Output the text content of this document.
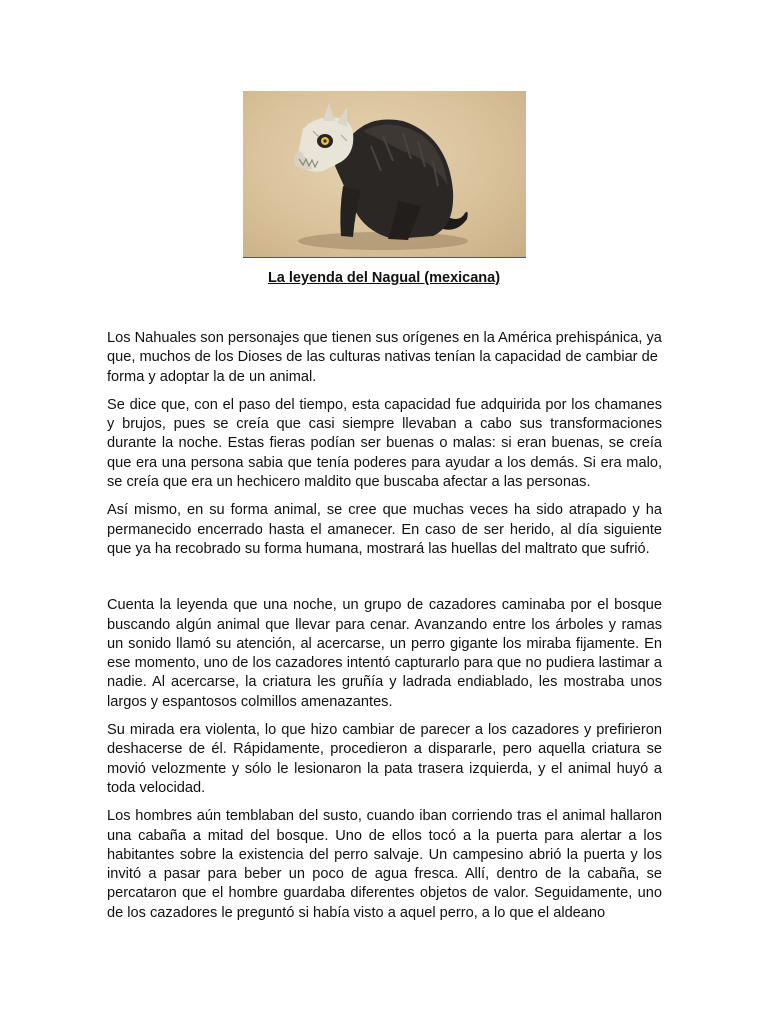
La leyenda del Nagual (mexicana)

Los Nahuales son personajes que tienen sus orígenes en la América prehispánica, ya que, muchos de los Dioses de las culturas nativas tenían la capacidad de cambiar de forma y adoptar la de un animal.

Se dice que, con el paso del tiempo, esta capacidad fue adquirida por los chamanes y brujos, pues se creía que casi siempre llevaban a cabo sus transformaciones durante la noche. Estas fieras podían ser buenas o malas: si eran buenas, se creía que era una persona sabia que tenía poderes para ayudar a los demás. Si era malo, se creía que era un hechicero maldito que buscaba afectar a las personas.

Así mismo, en su forma animal, se cree que muchas veces ha sido atrapado y ha permanecido encerrado hasta el amanecer. En caso de ser herido, al día siguiente que ya ha recobrado su forma humana, mostrará las huellas del maltrato que sufrió.

Cuenta la leyenda que una noche, un grupo de cazadores caminaba por el bosque buscando algún animal que llevar para cenar. Avanzando entre los árboles y ramas un sonido llamó su atención, al acercarse, un perro gigante los miraba fijamente. En ese momento, uno de los cazadores intentó capturarlo para que no pudiera lastimar a nadie. Al acercarse, la criatura les gruñía y ladrada endiablado, les mostraba unos largos y espantosos colmillos amenazantes.

Su mirada era violenta, lo que hizo cambiar de parecer a los cazadores y prefirieron deshacerse de él. Rápidamente, procedieron a dispararle, pero aquella criatura se movió velozmente y sólo le lesionaron la pata trasera izquierda, y el animal huyó a toda velocidad.

Los hombres aún temblaban del susto, cuando iban corriendo tras el animal hallaron una cabaña a mitad del bosque. Uno de ellos tocó a la puerta para alertar a los habitantes sobre la existencia del perro salvaje. Un campesino abrió la puerta y los invitó a pasar para beber un poco de agua fresca. Allí, dentro de la cabaña, se percataron que el hombre guardaba diferentes objetos de valor. Seguidamente, uno de los cazadores le preguntó si había visto a aquel perro, a lo que el aldeano
